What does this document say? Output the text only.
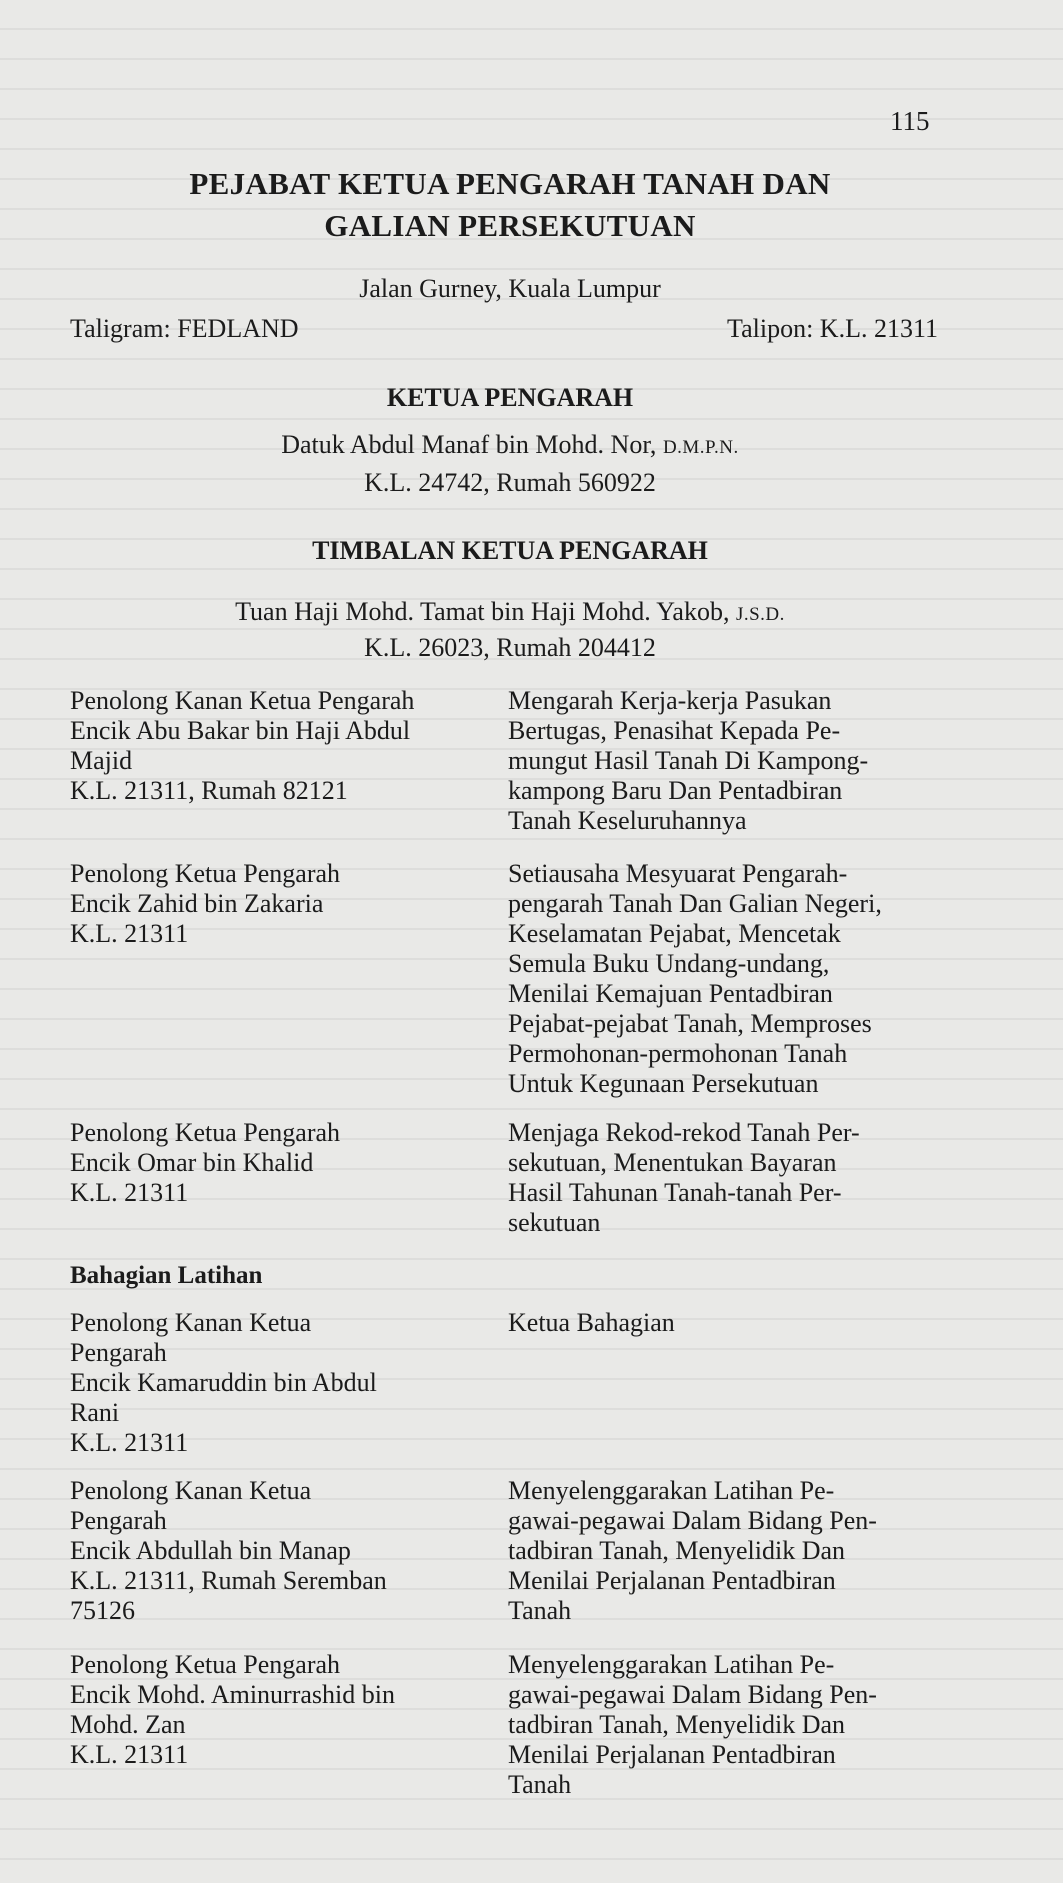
115
PEJABAT KETUA PENGARAH TANAH DAN
GALIAN PERSEKUTUAN
Jalan Gurney, Kuala Lumpur
Taligram: FEDLAND	Talipon: K.L. 21311
KETUA PENGARAH
Datuk Abdul Manaf bin Mohd. Nor, D.M.P.N.
K.L. 24742, Rumah 560922
TIMBALAN KETUA PENGARAH
Tuan Haji Mohd. Tamat bin Haji Mohd. Yakob, J.S.D.
K.L. 26023, Rumah 204412
Penolong Kanan Ketua Pengarah
Encik Abu Bakar bin Haji Abdul
Majid
K.L. 21311, Rumah 82121
Mengarah Kerja-kerja Pasukan
Bertugas, Penasihat Kepada Pe-
mungut Hasil Tanah Di Kampong-
kampong Baru Dan Pentadbiran
Tanah Keseluruhannya
Penolong Ketua Pengarah
Encik Zahid bin Zakaria
K.L. 21311
Setiausaha Mesyuarat Pengarah-
pengarah Tanah Dan Galian Negeri,
Keselamatan Pejabat, Mencetak
Semula Buku Undang-undang,
Menilai Kemajuan Pentadbiran
Pejabat-pejabat Tanah, Memproses
Permohonan-permohonan Tanah
Untuk Kegunaan Persekutuan
Penolong Ketua Pengarah
Encik Omar bin Khalid
K.L. 21311
Menjaga Rekod-rekod Tanah Per-
sekutuan, Menentukan Bayaran
Hasil Tahunan Tanah-tanah Per-
sekutuan
Bahagian Latihan
Penolong Kanan Ketua
Pengarah
Encik Kamaruddin bin Abdul
Rani
K.L. 21311
Ketua Bahagian
Penolong Kanan Ketua
Pengarah
Encik Abdullah bin Manap
K.L. 21311, Rumah Seremban
75126
Menyelenggarakan Latihan Pe-
gawai-pegawai Dalam Bidang Pen-
tadbiran Tanah, Menyelidik Dan
Menilai Perjalanan Pentadbiran
Tanah
Penolong Ketua Pengarah
Encik Mohd. Aminurrashid bin
Mohd. Zan
K.L. 21311
Menyelenggarakan Latihan Pe-
gawai-pegawai Dalam Bidang Pen-
tadbiran Tanah, Menyelidik Dan
Menilai Perjalanan Pentadbiran
Tanah
